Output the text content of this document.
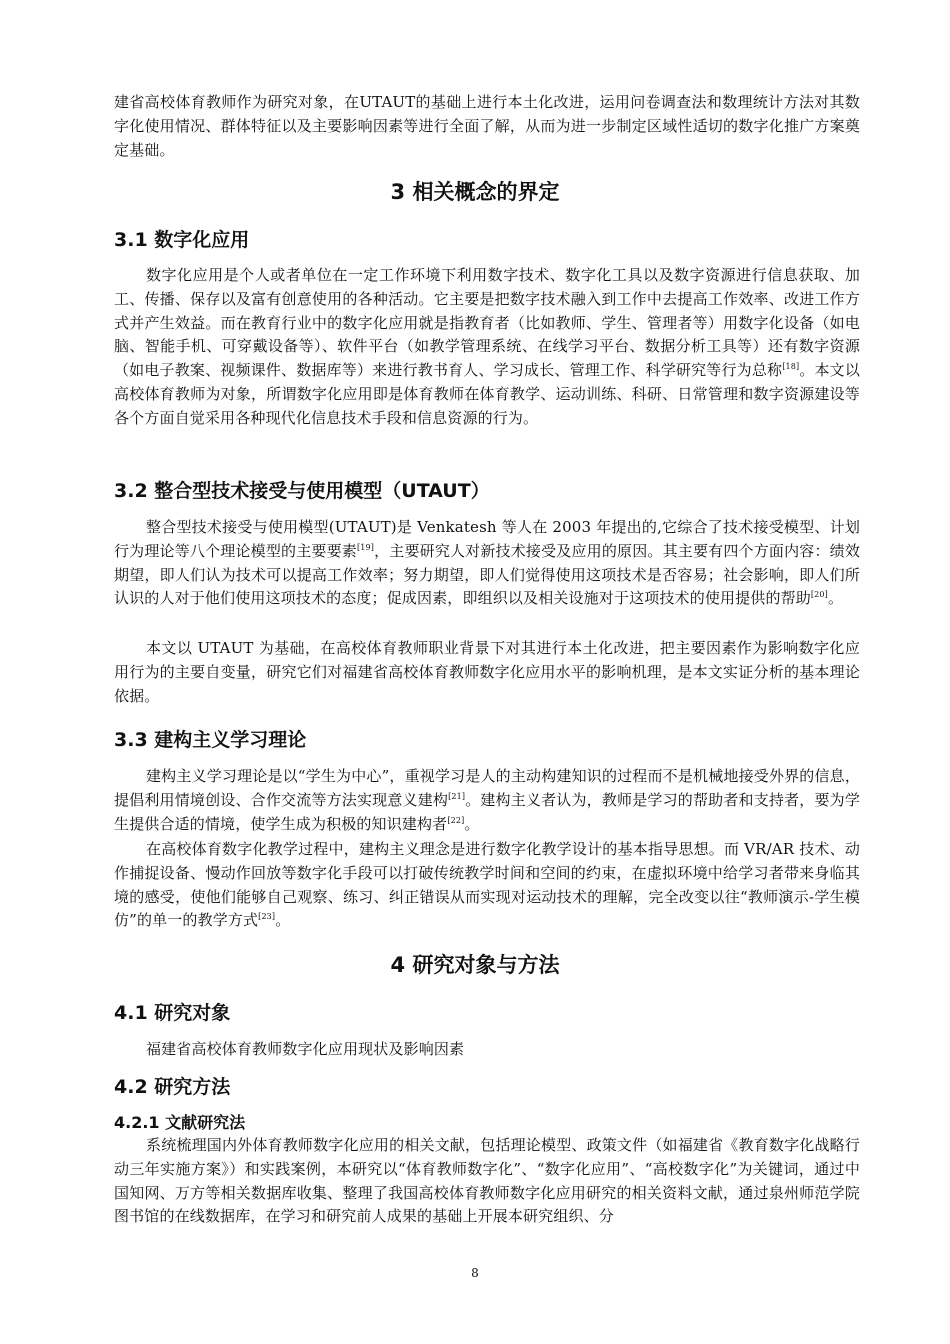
建省高校体育教师作为研究对象，在UTAUT的基础上进行本土化改进，运用问卷调查法和数理统计方法对其数字化使用情况、群体特征以及主要影响因素等进行全面了解，从而为进一步制定区域性适切的数字化推广方案奠定基础。

3 相关概念的界定
3.1 数字化应用

数字化应用是个人或者单位在一定工作环境下利用数字技术、数字化工具以及数字资源进行信息获取、加工、传播、保存以及富有创意使用的各种活动。它主要是把数字技术融入到工作中去提高工作效率、改进工作方式并产生效益。而在教育行业中的数字化应用就是指教育者（比如教师、学生、管理者等）用数字化设备（如电脑、智能手机、可穿戴设备等）、软件平台（如教学管理系统、在线学习平台、数据分析工具等）还有数字资源（如电子教案、视频课件、数据库等）来进行教书育人、学习成长、管理工作、科学研究等行为总称[18]。本文以高校体育教师为对象，所谓数字化应用即是体育教师在体育教学、运动训练、科研、日常管理和数字资源建设等各个方面自觉采用各种现代化信息技术手段和信息资源的行为。

3.2 整合型技术接受与使用模型（UTAUT）

整合型技术接受与使用模型(UTAUT)是 Venkatesh 等人在 2003 年提出的,它综合了技术接受模型、计划行为理论等八个理论模型的主要要素[19]，主要研究人对新技术接受及应用的原因。其主要有四个方面内容：绩效期望，即人们认为技术可以提高工作效率；努力期望，即人们觉得使用这项技术是否容易；社会影响，即人们所认识的人对于他们使用这项技术的态度；促成因素，即组织以及相关设施对于这项技术的使用提供的帮助[20]。

本文以 UTAUT 为基础，在高校体育教师职业背景下对其进行本土化改进，把主要因素作为影响数字化应用行为的主要自变量，研究它们对福建省高校体育教师数字化应用水平的影响机理，是本文实证分析的基本理论依据。

3.3 建构主义学习理论

建构主义学习理论是以“学生为中心”，重视学习是人的主动构建知识的过程而不是机械地接受外界的信息，提倡利用情境创设、合作交流等方法实现意义建构[21]。建构主义者认为，教师是学习的帮助者和支持者，要为学生提供合适的情境，使学生成为积极的知识建构者[22]。

在高校体育数字化教学过程中，建构主义理念是进行数字化教学设计的基本指导思想。而 VR/AR 技术、动作捕捉设备、慢动作回放等数字化手段可以打破传统教学时间和空间的约束，在虚拟环境中给学习者带来身临其境的感受，使他们能够自己观察、练习、纠正错误从而实现对运动技术的理解，完全改变以往“教师演示-学生模仿”的单一的教学方式[23]。

4 研究对象与方法
4.1 研究对象

福建省高校体育教师数字化应用现状及影响因素

4.2 研究方法
4.2.1 文献研究法

系统梳理国内外体育教师数字化应用的相关文献，包括理论模型、政策文件（如福建省《教育数字化战略行动三年实施方案》）和实践案例，本研究以“体育教师数字化”、“数字化应用”、“高校数字化”为关键词，通过中国知网、万方等相关数据库收集、整理了我国高校体育教师数字化应用研究的相关资料文献，通过泉州师范学院图书馆的在线数据库，在学习和研究前人成果的基础上开展本研究组织、分

8
